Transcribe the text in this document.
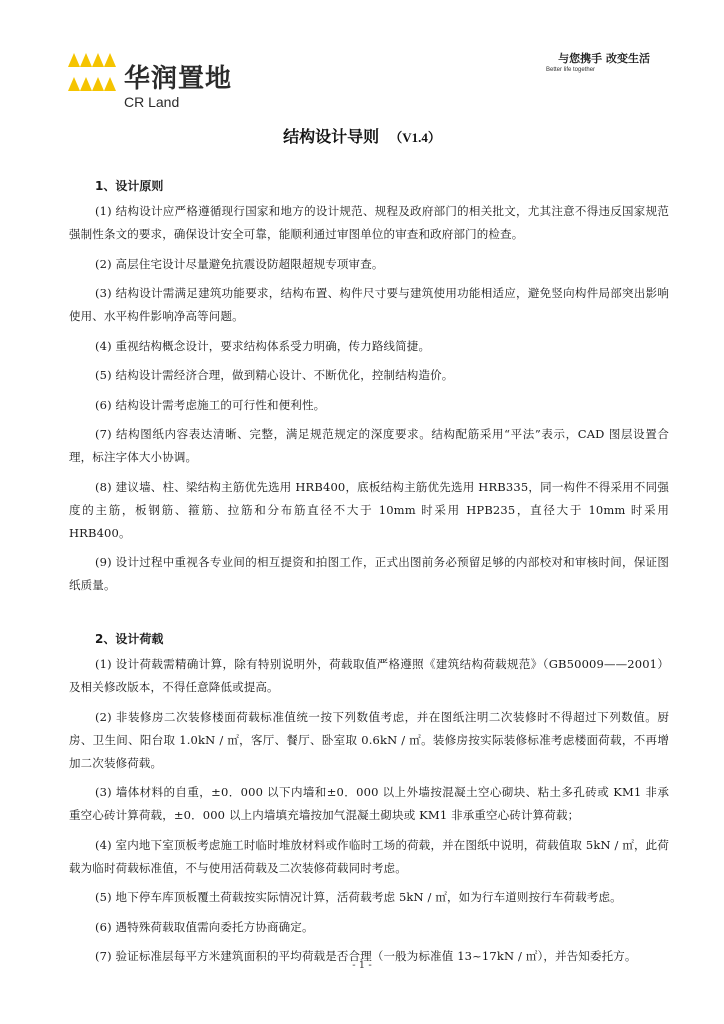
华润置地
CR Land
与您携手 改变生活
Better life together
结构设计导则 （V1.4）
1、设计原则

(1) 结构设计应严格遵循现行国家和地方的设计规范、规程及政府部门的相关批文，尤其注意不得违反国家规范强制性条文的要求，确保设计安全可靠，能顺利通过审图单位的审查和政府部门的检查。

(2) 高层住宅设计尽量避免抗震设防超限超规专项审查。

(3) 结构设计需满足建筑功能要求，结构布置、构件尺寸要与建筑使用功能相适应，避免竖向构件局部突出影响使用、水平构件影响净高等问题。

(4) 重视结构概念设计，要求结构体系受力明确，传力路线简捷。

(5) 结构设计需经济合理，做到精心设计、不断优化，控制结构造价。

(6) 结构设计需考虑施工的可行性和便利性。

(7) 结构图纸内容表达清晰、完整，满足规范规定的深度要求。结构配筋采用“平法”表示，CAD 图层设置合理，标注字体大小协调。

(8) 建议墙、柱、梁结构主筋优先选用 HRB400，底板结构主筋优先选用 HRB335，同一构件不得采用不同强度的主筋，板钢筋、箍筋、拉筋和分布筋直径不大于 10mm 时采用 HPB235，直径大于 10mm 时采用 HRB400。

(9) 设计过程中重视各专业间的相互提资和拍图工作，正式出图前务必预留足够的内部校对和审核时间，保证图纸质量。

2、设计荷载

(1) 设计荷载需精确计算，除有特别说明外，荷载取值严格遵照《建筑结构荷载规范》（GB50009——2001）及相关修改版本，不得任意降低或提高。

(2) 非装修房二次装修楼面荷载标准值统一按下列数值考虑，并在图纸注明二次装修时不得超过下列数值。厨房、卫生间、阳台取 1.0kN / ㎡，客厅、餐厅、卧室取 0.6kN / ㎡。装修房按实际装修标准考虑楼面荷载，不再增加二次装修荷载。

(3) 墙体材料的自重，±0．000 以下内墙和±0．000 以上外墙按混凝土空心砌块、粘土多孔砖或 KM1 非承重空心砖计算荷载，±0．000 以上内墙填充墙按加气混凝土砌块或 KM1 非承重空心砖计算荷载；

(4) 室内地下室顶板考虑施工时临时堆放材料或作临时工场的荷载，并在图纸中说明，荷载值取 5kN / ㎡，此荷载为临时荷载标准值，不与使用活荷载及二次装修荷载同时考虑。

(5) 地下停车库顶板覆土荷载按实际情况计算，活荷载考虑 5kN / ㎡，如为行车道则按行车荷载考虑。

(6) 遇特殊荷载取值需向委托方协商确定。

(7) 验证标准层每平方米建筑面积的平均荷载是否合理（一般为标准值 13~17kN / ㎡），并告知委托方。

- 1 -
